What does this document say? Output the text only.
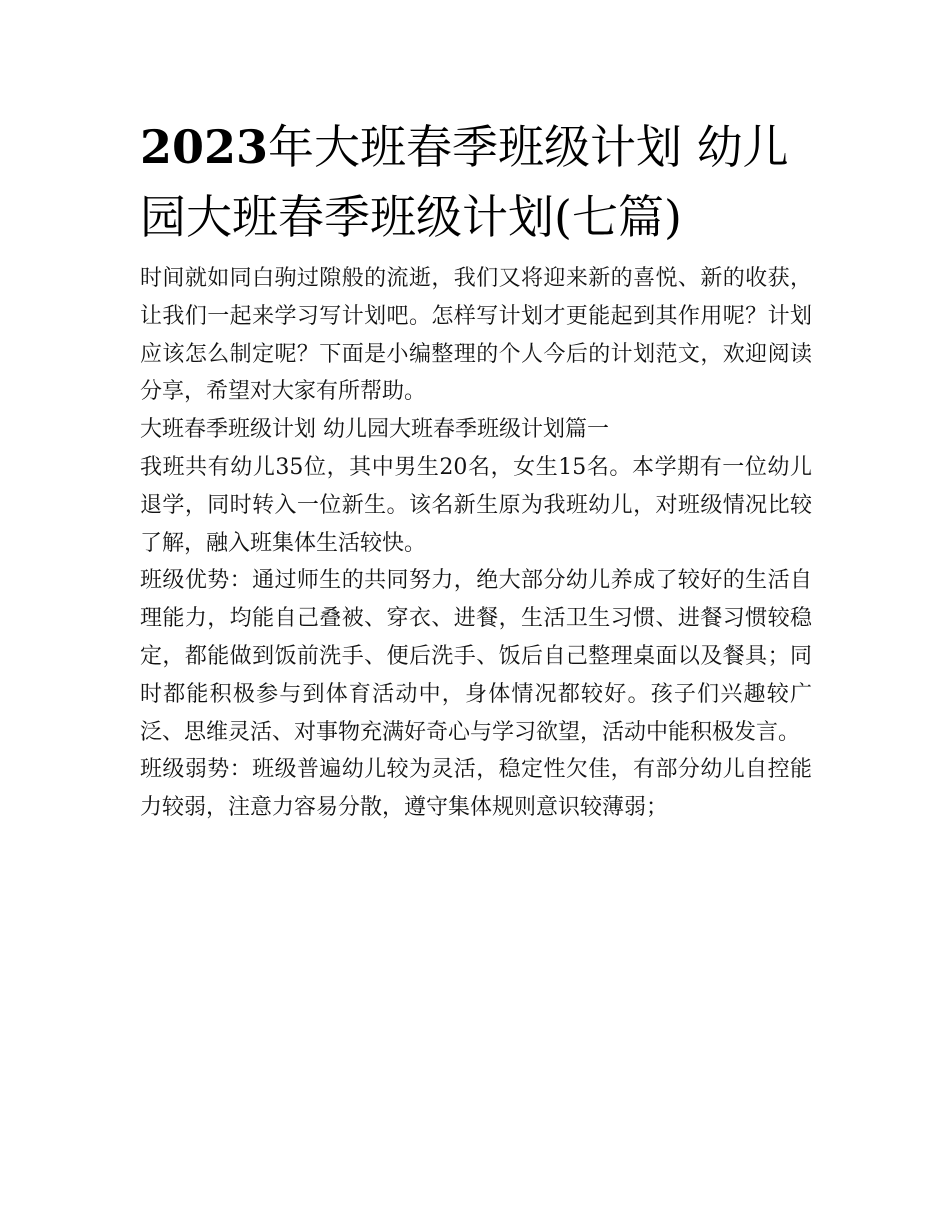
2023年大班春季班级计划 幼儿园大班春季班级计划(七篇)

时间就如同白驹过隙般的流逝，我们又将迎来新的喜悦、新的收获，让我们一起来学习写计划吧。怎样写计划才更能起到其作用呢？计划应该怎么制定呢？下面是小编整理的个人今后的计划范文，欢迎阅读分享，希望对大家有所帮助。

大班春季班级计划 幼儿园大班春季班级计划篇一

我班共有幼儿35位，其中男生20名，女生15名。本学期有一位幼儿退学，同时转入一位新生。该名新生原为我班幼儿，对班级情况比较了解，融入班集体生活较快。

班级优势：通过师生的共同努力，绝大部分幼儿养成了较好的生活自理能力，均能自己叠被、穿衣、进餐，生活卫生习惯、进餐习惯较稳定，都能做到饭前洗手、便后洗手、饭后自己整理桌面以及餐具；同时都能积极参与到体育活动中，身体情况都较好。孩子们兴趣较广泛、思维灵活、对事物充满好奇心与学习欲望，活动中能积极发言。

班级弱势：班级普遍幼儿较为灵活，稳定性欠佳，有部分幼儿自控能力较弱，注意力容易分散，遵守集体规则意识较薄弱；
